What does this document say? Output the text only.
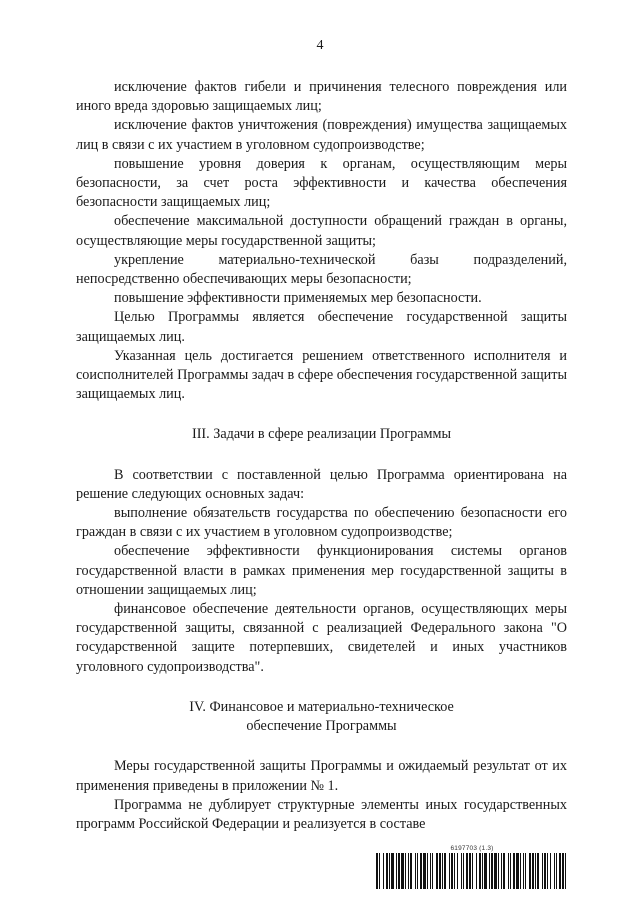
4

исключение фактов гибели и причинения телесного повреждения или иного вреда здоровью защищаемых лиц;

исключение фактов уничтожения (повреждения) имущества защищаемых лиц в связи с их участием в уголовном судопроизводстве;

повышение уровня доверия к органам, осуществляющим меры безопасности, за счет роста эффективности и качества обеспечения безопасности защищаемых лиц;

обеспечение максимальной доступности обращений граждан в органы, осуществляющие меры государственной защиты;

укрепление материально-технической базы подразделений, непосредственно обеспечивающих меры безопасности;

повышение эффективности применяемых мер безопасности.

Целью Программы является обеспечение государственной защиты защищаемых лиц.

Указанная цель достигается решением ответственного исполнителя и соисполнителей Программы задач в сфере обеспечения государственной защиты защищаемых лиц.

III. Задачи в сфере реализации Программы

В соответствии с поставленной целью Программа ориентирована на решение следующих основных задач:

выполнение обязательств государства по обеспечению безопасности его граждан в связи с их участием в уголовном судопроизводстве;

обеспечение эффективности функционирования системы органов государственной власти в рамках применения мер государственной защиты в отношении защищаемых лиц;

финансовое обеспечение деятельности органов, осуществляющих меры государственной защиты, связанной с реализацией Федерального закона "О государственной защите потерпевших, свидетелей и иных участников уголовного судопроизводства".

IV. Финансовое и материально-техническое

обеспечение Программы

Меры государственной защиты Программы и ожидаемый результат от их применения приведены в приложении № 1.

Программа не дублирует структурные элементы иных государственных программ Российской Федерации и реализуется в составе

6197703 (1.3)
